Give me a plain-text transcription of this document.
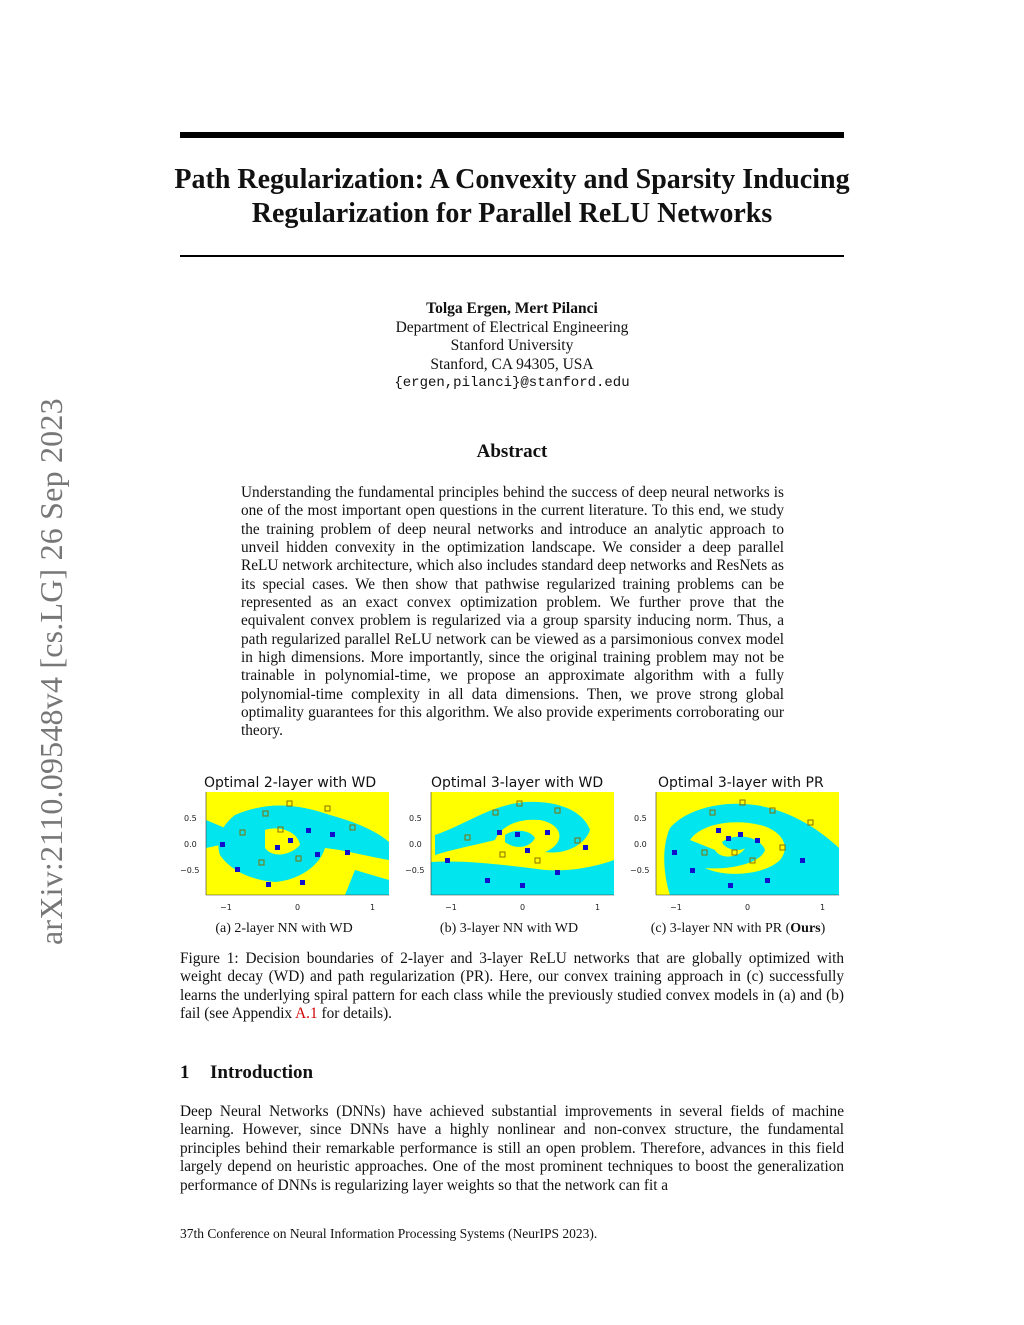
Path Regularization: A Convexity and Sparsity Inducing Regularization for Parallel ReLU Networks
Tolga Ergen, Mert Pilanci
Department of Electrical Engineering
Stanford University
Stanford, CA 94305, USA
{ergen,pilanci}@stanford.edu
arXiv:2110.09548v4 [cs.LG] 26 Sep 2023	Abstract
Understanding the fundamental principles behind the success of deep neural networks is one of the most important open questions in the current literature. To this end, we study the training problem of deep neural networks and introduce an analytic approach to unveil hidden convexity in the optimization landscape. We consider a deep parallel ReLU network architecture, which also includes standard deep networks and ResNets as its special cases. We then show that pathwise regularized training problems can be represented as an exact convex optimization problem. We further prove that the equivalent convex problem is regularized via a group sparsity inducing norm. Thus, a path regularized parallel ReLU network can be viewed as a parsimonious convex model in high dimensions. More importantly, since the original training problem may not be trainable in polynomial-time, we propose an approximate algorithm with a fully polynomial-time complexity in all data dimensions. Then, we prove strong global optimality guarantees for this algorithm. We also provide experiments corroborating our theory.
Optimal 2-layer with WD
0.5
0.0
−0.5
−1	0	1
Optimal 3-layer with WD
0.5
0.0
−0.5
−1	0	1
Optimal 3-layer with PR
0.5
0.0
−0.5
−1	0	1
(a) 2-layer NN with WD	(b) 3-layer NN with WD	(c) 3-layer NN with PR (Ours)
Figure 1: Decision boundaries of 2-layer and 3-layer ReLU networks that are globally optimized with weight decay (WD) and path regularization (PR). Here, our convex training approach in (c) successfully learns the underlying spiral pattern for each class while the previously studied convex models in (a) and (b) fail (see Appendix A.1 for details).
1 Introduction
Deep Neural Networks (DNNs) have achieved substantial improvements in several fields of machine learning. However, since DNNs have a highly nonlinear and non-convex structure, the fundamental principles behind their remarkable performance is still an open problem. Therefore, advances in this field largely depend on heuristic approaches. One of the most prominent techniques to boost the generalization performance of DNNs is regularizing layer weights so that the network can fit a
37th Conference on Neural Information Processing Systems (NeurIPS 2023).
